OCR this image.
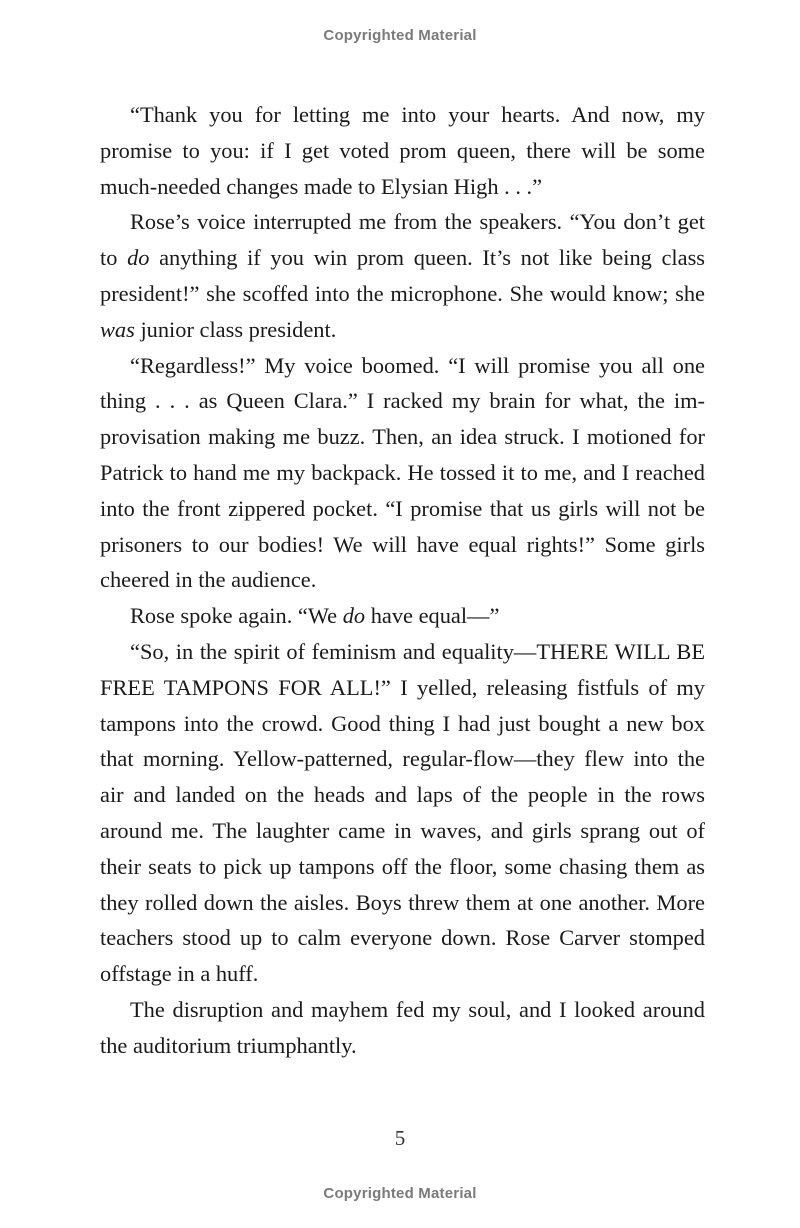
Copyrighted Material

“Thank you for letting me into your hearts. And now, my promise to you: if I get voted prom queen, there will be some much-needed changes made to Elysian High . . .”

Rose’s voice interrupted me from the speakers. “You don’t get to do anything if you win prom queen. It’s not like being class president!” she scoffed into the microphone. She would know; she was junior class president.

“Regardless!” My voice boomed. “I will promise you all one thing . . . as Queen Clara.” I racked my brain for what, the improvisation making me buzz. Then, an idea struck. I motioned for Patrick to hand me my backpack. He tossed it to me, and I reached into the front zippered pocket. “I promise that us girls will not be prisoners to our bodies! We will have equal rights!” Some girls cheered in the audience.

Rose spoke again. “We do have equal—”

“So, in the spirit of feminism and equality—THERE WILL BE FREE TAMPONS FOR ALL!” I yelled, releasing fistfuls of my tampons into the crowd. Good thing I had just bought a new box that morning. Yellow-patterned, regular-flow—they flew into the air and landed on the heads and laps of the people in the rows around me. The laughter came in waves, and girls sprang out of their seats to pick up tampons off the floor, some chasing them as they rolled down the aisles. Boys threw them at one another. More teachers stood up to calm everyone down. Rose Carver stomped offstage in a huff.

The disruption and mayhem fed my soul, and I looked around the auditorium triumphantly.

5
Copyrighted Material
